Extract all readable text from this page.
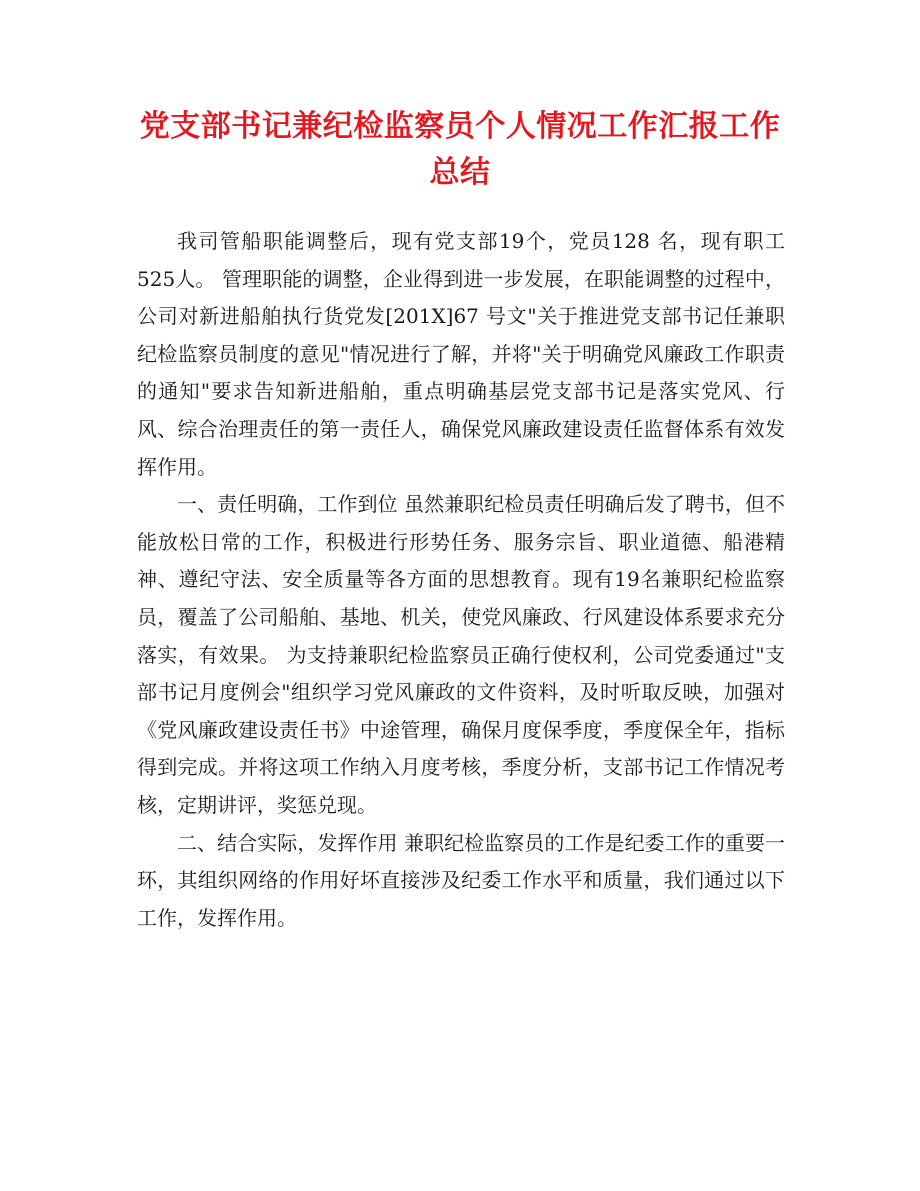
党支部书记兼纪检监察员个人情况工作汇报工作
总结

我司管船职能调整后，现有党支部19个，党员128 名，现有职工525人。 管理职能的调整，企业得到进一步发展，在职能调整的过程中，公司对新进船舶执行货党发[201X]67 号文"关于推进党支部书记任兼职纪检监察员制度的意见"情况进行了解，并将"关于明确党风廉政工作职责的通知"要求告知新进船舶，重点明确基层党支部书记是落实党风、行风、综合治理责任的第一责任人，确保党风廉政建设责任监督体系有效发挥作用。

一、责任明确，工作到位 虽然兼职纪检员责任明确后发了聘书，但不能放松日常的工作，积极进行形势任务、服务宗旨、职业道德、船港精神、遵纪守法、安全质量等各方面的思想教育。现有19名兼职纪检监察员，覆盖了公司船舶、基地、机关，使党风廉政、行风建设体系要求充分落实，有效果。 为支持兼职纪检监察员正确行使权利，公司党委通过"支部书记月度例会"组织学习党风廉政的文件资料，及时听取反映，加强对《党风廉政建设责任书》中途管理，确保月度保季度，季度保全年，指标得到完成。并将这项工作纳入月度考核，季度分析，支部书记工作情况考核，定期讲评，奖惩兑现。

二、结合实际，发挥作用 兼职纪检监察员的工作是纪委工作的重要一环，其组织网络的作用好坏直接涉及纪委工作水平和质量，我们通过以下工作，发挥作用。
